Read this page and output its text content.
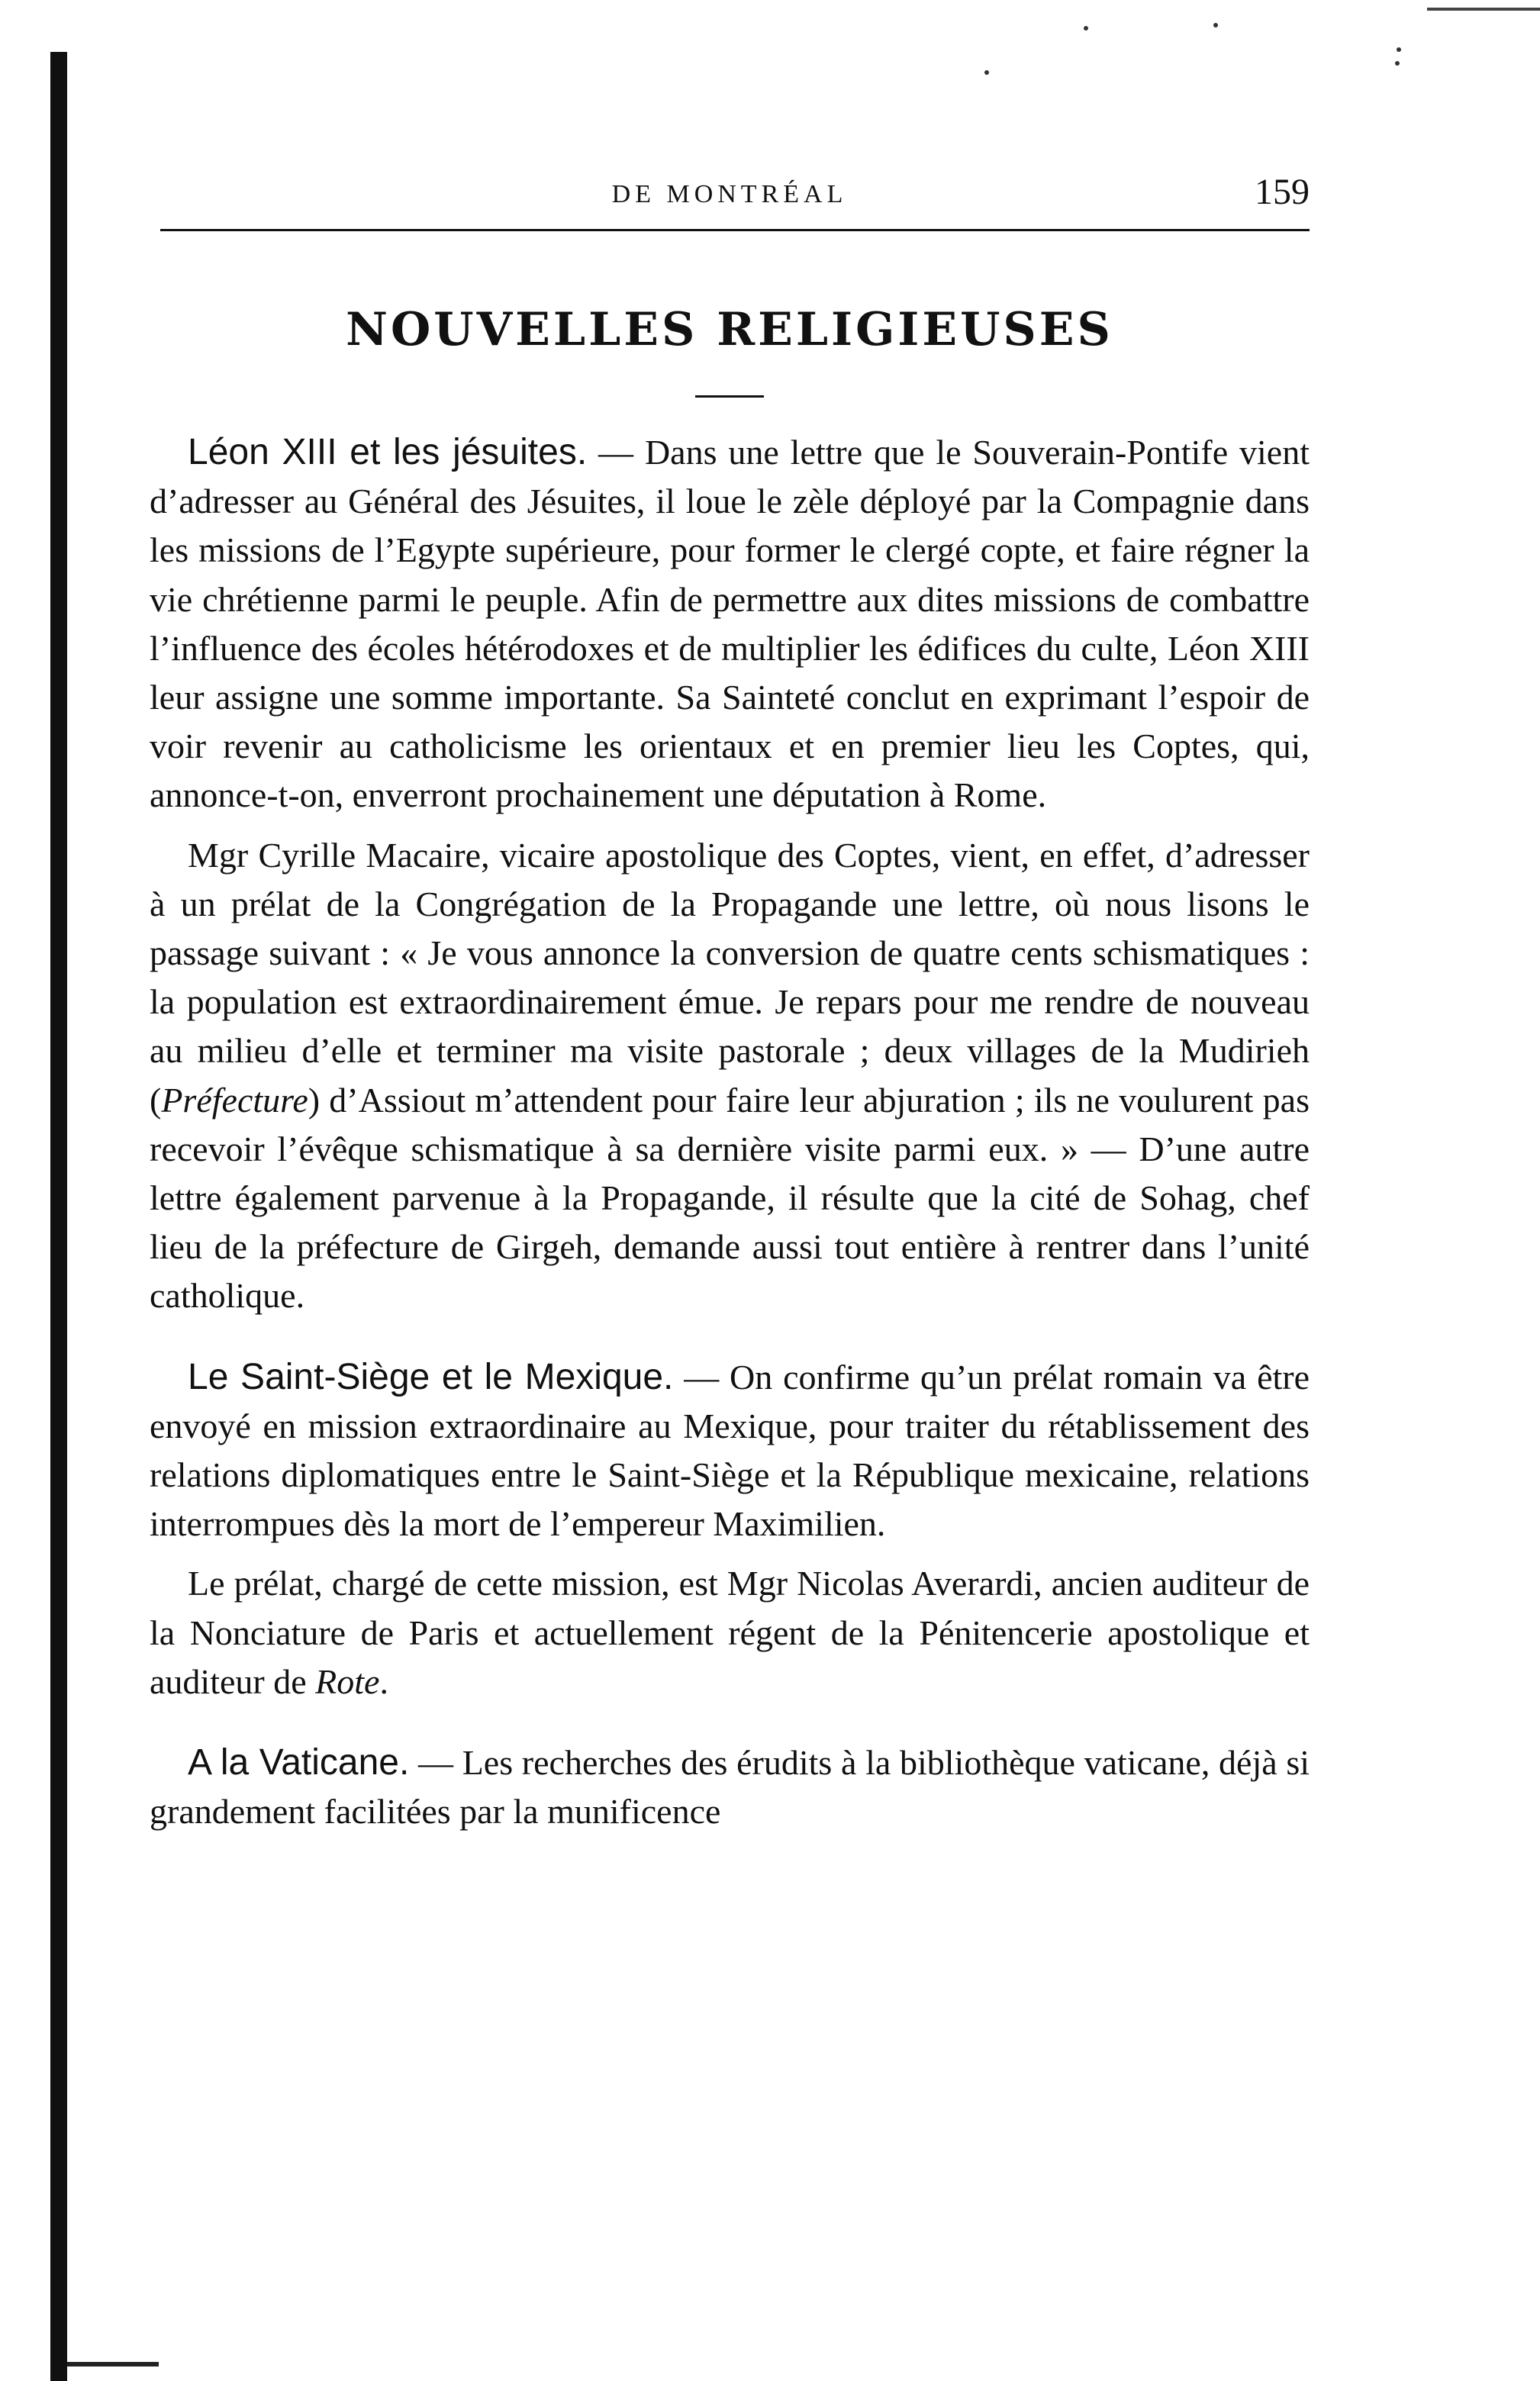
DE MONTRÉAL	159
NOUVELLES RELIGIEUSES

Léon XIII et les jésuites. — Dans une lettre que le Souverain-Pontife vient d’adresser au Général des Jésuites, il loue le zèle déployé par la Compagnie dans les missions de l’Egypte supérieure, pour former le clergé copte, et faire régner la vie chrétienne parmi le peuple. Afin de permettre aux dites missions de combattre l’influence des écoles hétérodoxes et de multiplier les édifices du culte, Léon XIII leur assigne une somme importante. Sa Sainteté conclut en exprimant l’espoir de voir revenir au catholicisme les orientaux et en premier lieu les Coptes, qui, annonce-t-on, enverront prochainement une députation à Rome.

Mgr Cyrille Macaire, vicaire apostolique des Coptes, vient, en effet, d’adresser à un prélat de la Congrégation de la Propagande une lettre, où nous lisons le passage suivant : « Je vous annonce la conversion de quatre cents schismatiques : la population est extraordinairement émue. Je repars pour me rendre de nouveau au milieu d’elle et terminer ma visite pastorale ; deux villages de la Mudirieh (Préfecture) d’Assiout m’attendent pour faire leur abjuration ; ils ne voulurent pas recevoir l’évêque schismatique à sa dernière visite parmi eux. » — D’une autre lettre également parvenue à la Propagande, il résulte que la cité de Sohag, chef lieu de la préfecture de Girgeh, demande aussi tout entière à rentrer dans l’unité catholique.

Le Saint-Siège et le Mexique. — On confirme qu’un prélat romain va être envoyé en mission extraordinaire au Mexique, pour traiter du rétablissement des relations diplomatiques entre le Saint-Siège et la République mexicaine, relations interrompues dès la mort de l’empereur Maximilien.

Le prélat, chargé de cette mission, est Mgr Nicolas Averardi, ancien auditeur de la Nonciature de Paris et actuellement régent de la Pénitencerie apostolique et auditeur de Rote.

A la Vaticane. — Les recherches des érudits à la bibliothèque vaticane, déjà si grandement facilitées par la munificence
